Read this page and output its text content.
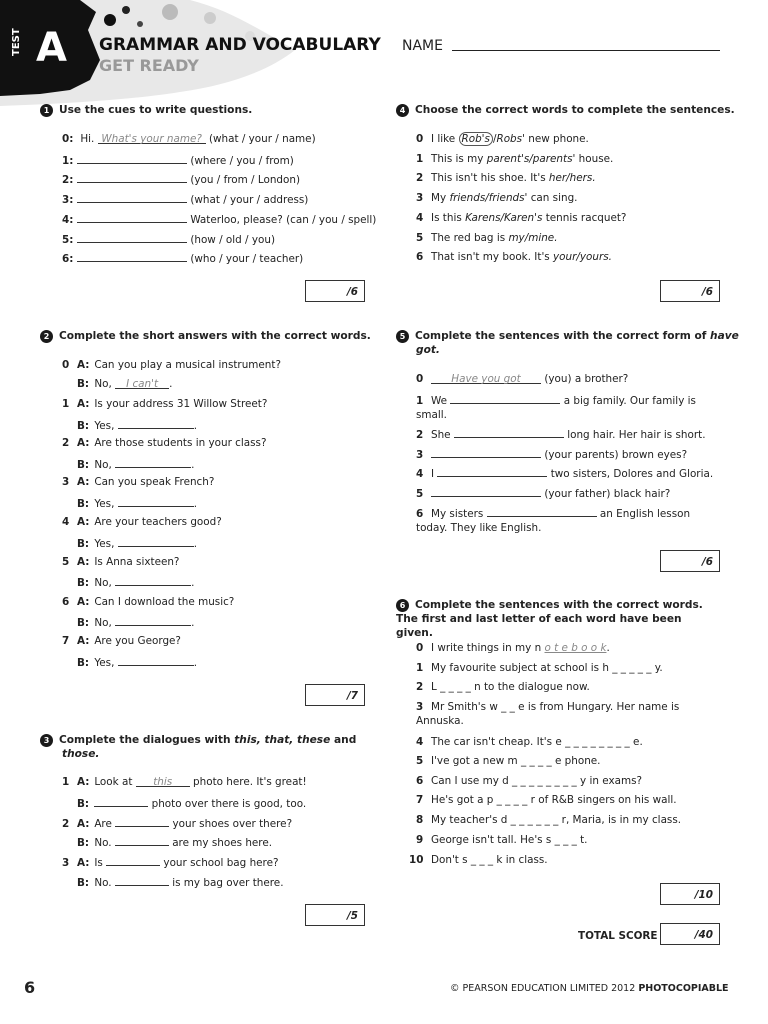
TEST A GRAMMAR AND VOCABULARY
GET READY
NAME
1 Use the cues to write questions.
0: Hi. What's your name? (what / your / name)
1:	(where / you / from)
2:	(you / from / London)
3:	(what / your / address)
4:	Waterloo, please? (can / you / spell)
5:	(how / old / you)
6:	(who / your / teacher)
/6
2 Complete the short answers with the correct words.
0 A: Can you play a musical instrument?
B: No, I can't .
1 A: Is your address 31 Willow Street?
B: Yes,	.
2 A: Are those students in your class?
B: No,	.
3 A: Can you speak French?
B: Yes,	.
4 A: Are your teachers good?
B: Yes,	.
5 A: Is Anna sixteen?
B: No,	.
6 A: Can I download the music?
B: No,	.
7 A: Are you George?
B: Yes,	.
/7
3 Complete the dialogues with this, that, these and
those.
1 A: Look at this photo here. It's great!
B:	photo over there is good, too.
2 A: Are	your shoes over there?
B: No.	are my shoes here.
3 A: Is	your school bag here?
B: No.	is my bag over there.
/5
4 Choose the correct words to complete the sentences.
0 I like Rob's /Robs' new phone.
1 This is my parent's/parents' house.
2 This isn't his shoe. It's her/hers.
3 My friends/friends' can sing.
4 Is this Karens/Karen's tennis racquet?
5 The red bag is my/mine.
6 That isn't my book. It's your/yours.
/6
5 Complete the sentences with the correct form of have
got.
0	Have you got (you) a brother?
1 We	a big family. Our family is small.
2 She	long hair. Her hair is short.
3	(your parents) brown eyes?
4 I	two sisters, Dolores and Gloria.
5	(your father) black hair?
6 My sisters	an English lesson today. They like English.
/6
6 Complete the sentences with the correct words. The first and last letter of each word have been given.
0 I write things in my n o t e b o o k.
1 My favourite subject at school is h _ _ _ _ _ y.
2 L _ _ _ _ n to the dialogue now.
3 Mr Smith's w _ _ e is from Hungary. Her name is Annuska.
4 The car isn't cheap. It's e _ _ _ _ _ _ _ _ e.
5 I've got a new m _ _ _ _ e phone.
6 Can I use my d _ _ _ _ _ _ _ _ y in exams?
7 He's got a p _ _ _ _ r of R&B singers on his wall.
8 My teacher's d _ _ _ _ _ _ r, Maria, is in my class.
9 George isn't tall. He's s _ _ _ t.
10 Don't s _ _ _ k in class.
/10
TOTAL SCORE	/40
6	© PEARSON EDUCATION LIMITED 2012 PHOTOCOPIABLE
